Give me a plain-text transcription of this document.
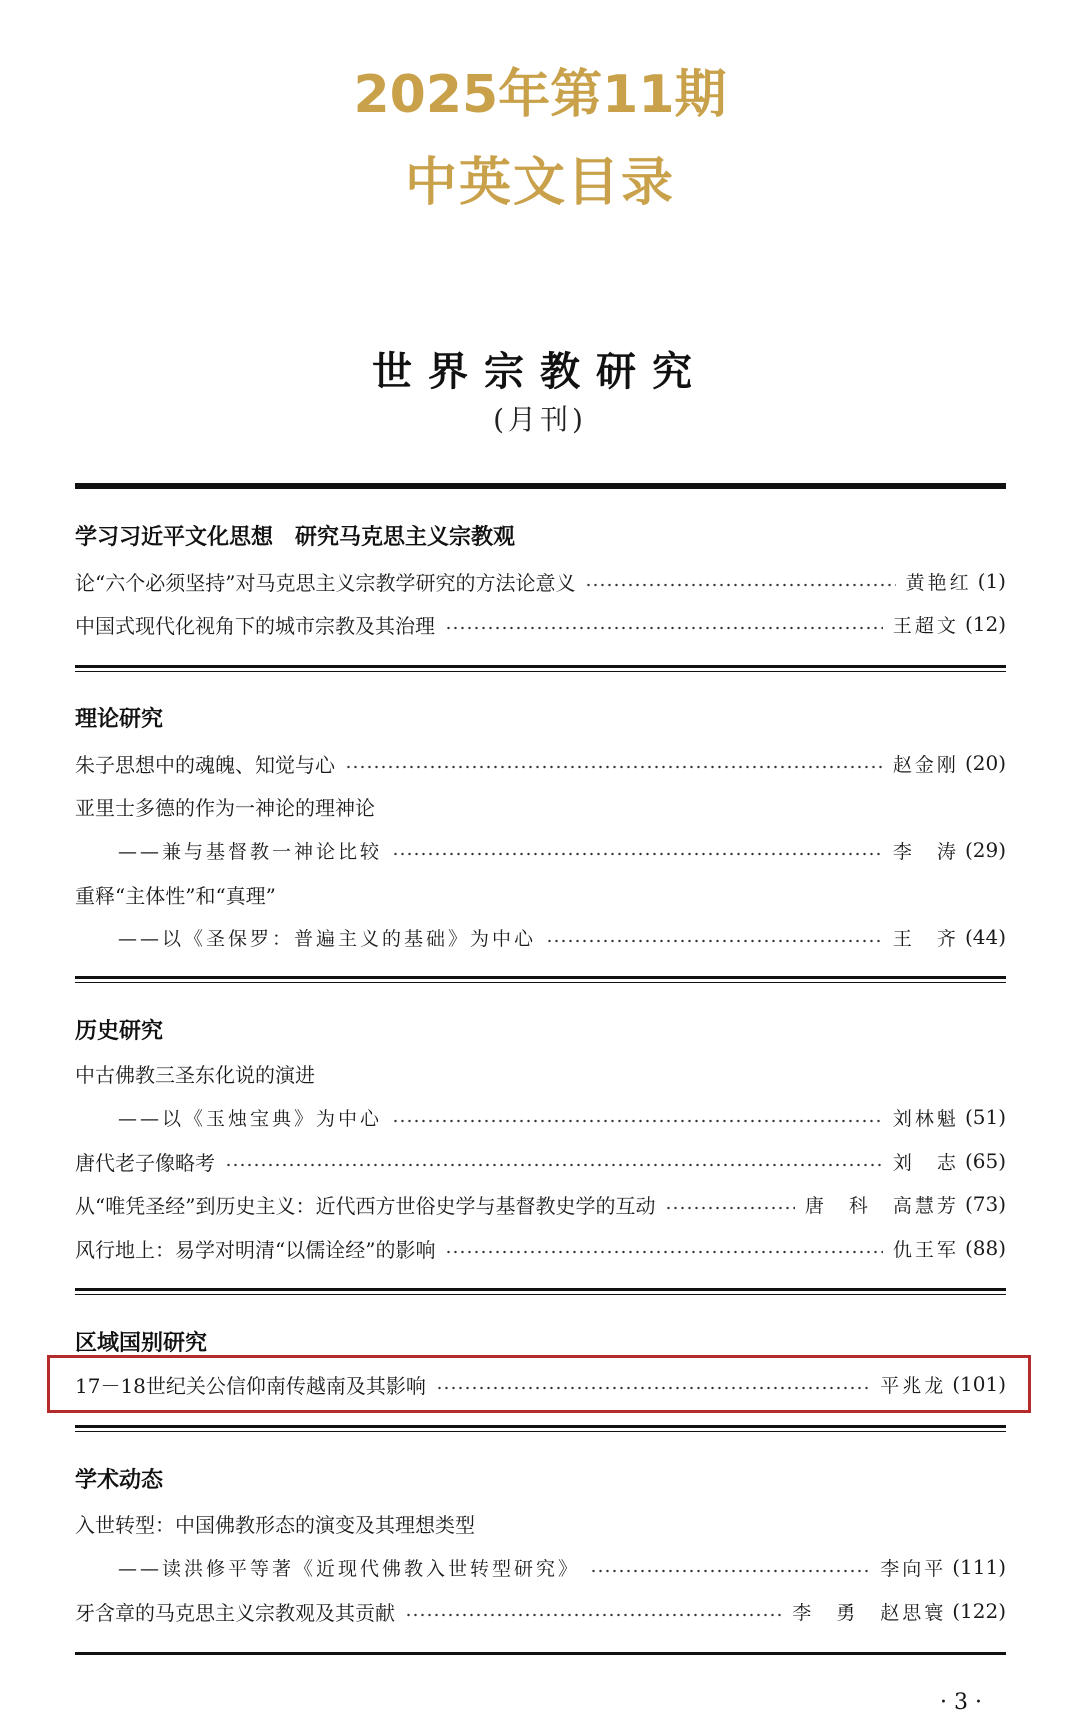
2025年第11期
中英文目录
世界宗教研究
(月刊)
学习习近平文化思想　研究马克思主义宗教观
论“六个必须坚持”对马克思主义宗教学研究的方法论意义	黄艳红 (1)
中国式现代化视角下的城市宗教及其治理	王超文 (12)
理论研究
朱子思想中的魂魄、知觉与心	赵金刚 (20)
亚里士多德的作为一神论的理神论
——兼与基督教一神论比较	李　涛 (29)
重释“主体性”和“真理”
——以《圣保罗：普遍主义的基础》为中心	王　齐 (44)
历史研究
中古佛教三圣东化说的演进
——以《玉烛宝典》为中心	刘林魁 (51)
唐代老子像略考	刘　志 (65)
从“唯凭圣经”到历史主义：近代西方世俗史学与基督教史学的互动	唐　科　高慧芳 (73)
风行地上：易学对明清“以儒诠经”的影响	仇王军 (88)
区域国别研究
17－18世纪关公信仰南传越南及其影响	平兆龙 (101)
学术动态
入世转型：中国佛教形态的演变及其理想类型
——读洪修平等著《近现代佛教入世转型研究》	李向平 (111)
牙含章的马克思主义宗教观及其贡献	李　勇　赵思寰 (122)
· 3 ·
